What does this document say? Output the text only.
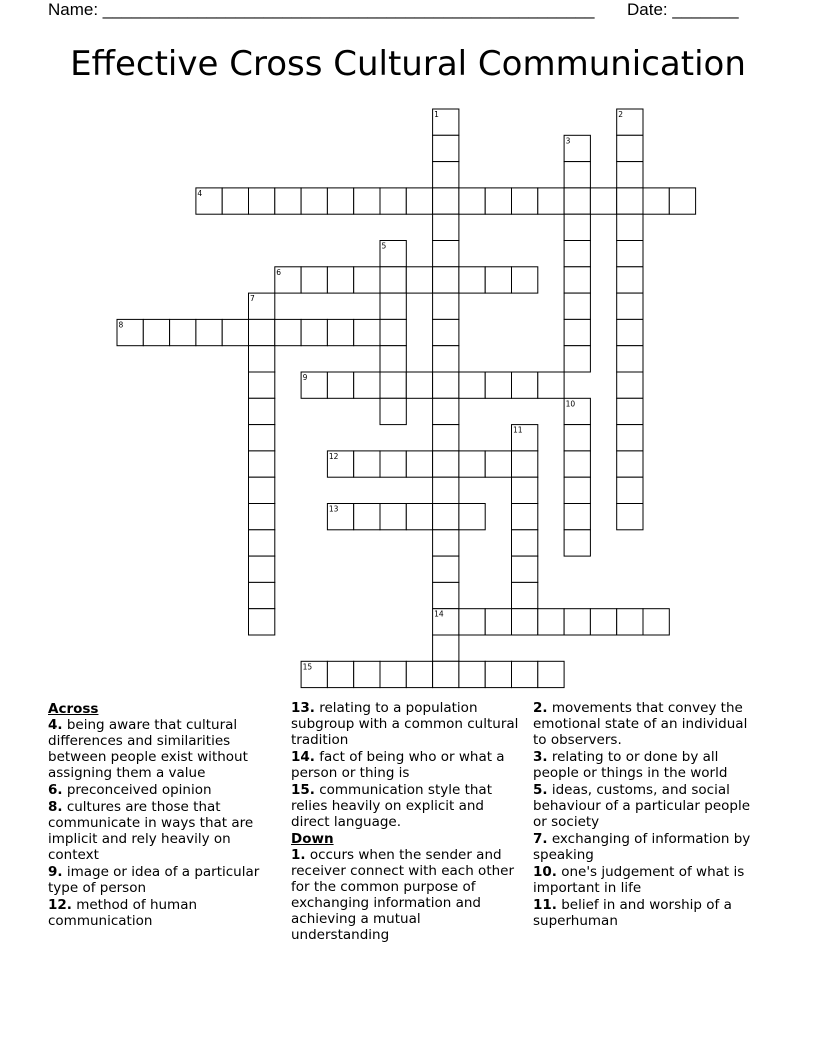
Name: ____________________________________________________ Date: _______
Effective Cross Cultural Communication
1	2
3
4
5
6
7
8
9
10
11
12
13
14
15
Across
4. being aware that cultural differences and similarities between people exist without assigning them a value
6. preconceived opinion
8. cultures are those that communicate in ways that are implicit and rely heavily on context
9. image or idea of a particular type of person
12. method of human communication
13. relating to a population subgroup with a common cultural tradition
14. fact of being who or what a person or thing is
15. communication style that relies heavily on explicit and direct language.
Down
1. occurs when the sender and receiver connect with each other for the common purpose of exchanging information and achieving a mutual understanding
2. movements that convey the emotional state of an individual to observers.
3. relating to or done by all people or things in the world
5. ideas, customs, and social behaviour of a particular people or society
7. exchanging of information by speaking
10. one's judgement of what is important in life
11. belief in and worship of a superhuman
